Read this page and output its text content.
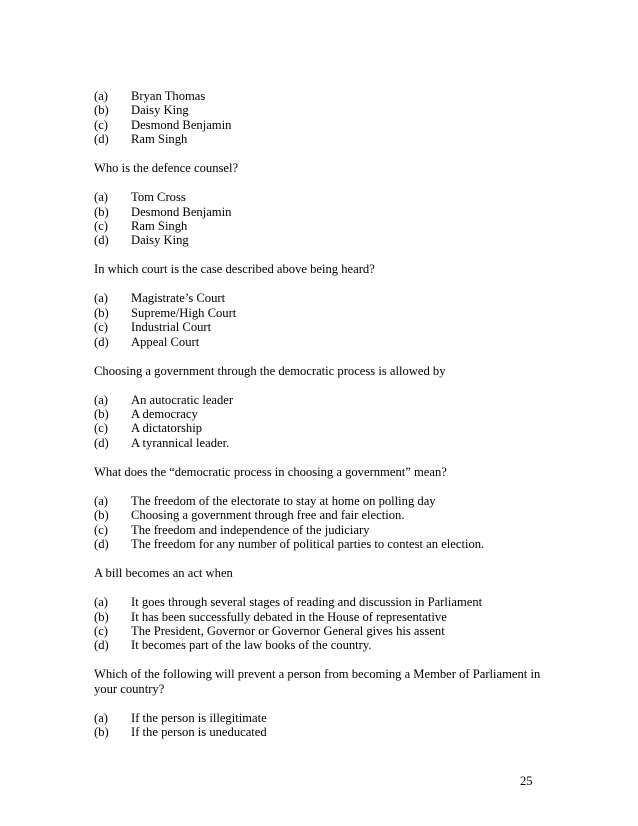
(a)	Bryan Thomas
(b)	Daisy King
(c)	Desmond Benjamin
(d)	Ram Singh
Who is the defence counsel?
(a)	Tom Cross
(b)	Desmond Benjamin
(c)	Ram Singh
(d)	Daisy King
In which court is the case described above being heard?
(a)	Magistrate’s Court
(b)	Supreme/High Court
(c)	Industrial Court
(d)	Appeal Court
Choosing a government through the democratic process is allowed by
(a)	An autocratic leader
(b)	A democracy
(c)	A dictatorship
(d)	A tyrannical leader.
What does the “democratic process in choosing a government” mean?
(a)	The freedom of the electorate to stay at home on polling day
(b)	Choosing a government through free and fair election.
(c)	The freedom and independence of the judiciary
(d)	The freedom for any number of political parties to contest an election.
A bill becomes an act when
(a)	It goes through several stages of reading and discussion in Parliament
(b)	It has been successfully debated in the House of representative
(c)	The President, Governor or Governor General gives his assent
(d)	It becomes part of the law books of the country.
Which of the following will prevent a person from becoming a Member of Parliament in your country?
(a)	If the person is illegitimate
(b)	If the person is uneducated
25
